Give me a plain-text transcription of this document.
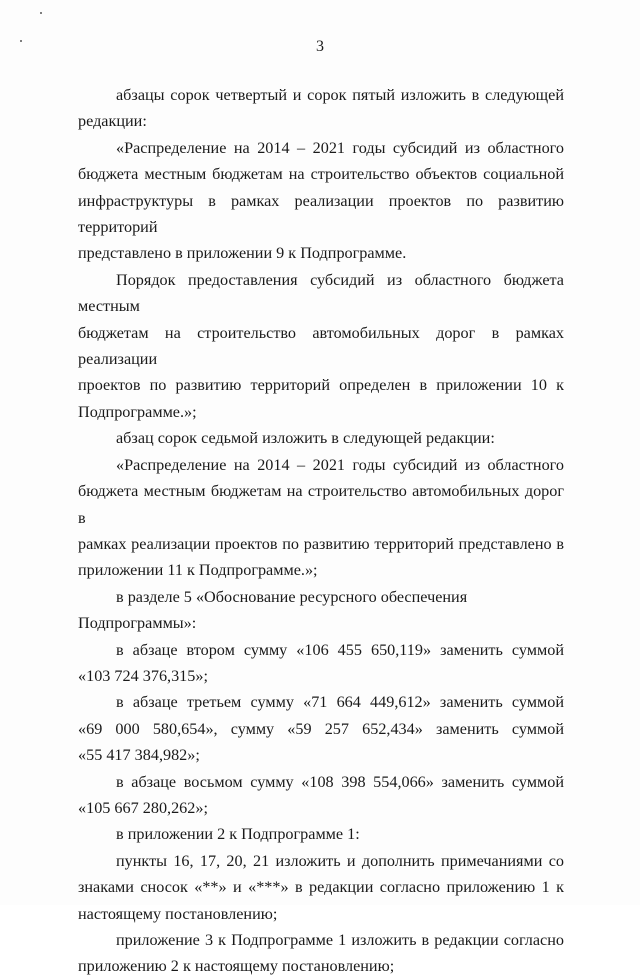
3

абзацы сорок четвертый и сорок пятый изложить в следующей

редакции:

«Распределение на 2014 – 2021 годы субсидий из областного

бюджета местным бюджетам на строительство объектов социальной

инфраструктуры в рамках реализации проектов по развитию территорий

представлено в приложении 9 к Подпрограмме.

Порядок предоставления субсидий из областного бюджета местным

бюджетам на строительство автомобильных дорог в рамках реализации

проектов по развитию территорий определен в приложении 10 к

Подпрограмме.»;

абзац сорок седьмой изложить в следующей редакции:

«Распределение на 2014 – 2021 годы субсидий из областного

бюджета местным бюджетам на строительство автомобильных дорог в

рамках реализации проектов по развитию территорий представлено в

приложении 11 к Подпрограмме.»;

в разделе 5 «Обоснование ресурсного обеспечения Подпрограммы»:

в абзаце втором сумму «106 455 650,119» заменить суммой

«103 724 376,315»;

в абзаце третьем сумму «71 664 449,612» заменить суммой

«69 000 580,654», сумму «59 257 652,434» заменить суммой

«55 417 384,982»;

в абзаце восьмом сумму «108 398 554,066» заменить суммой

«105 667 280,262»;

в приложении 2 к Подпрограмме 1:

пункты 16, 17, 20, 21 изложить и дополнить примечаниями со

знаками сносок «**» и «***» в редакции согласно приложению 1 к

настоящему постановлению;

приложение 3 к Подпрограмме 1 изложить в редакции согласно

приложению 2 к настоящему постановлению;
